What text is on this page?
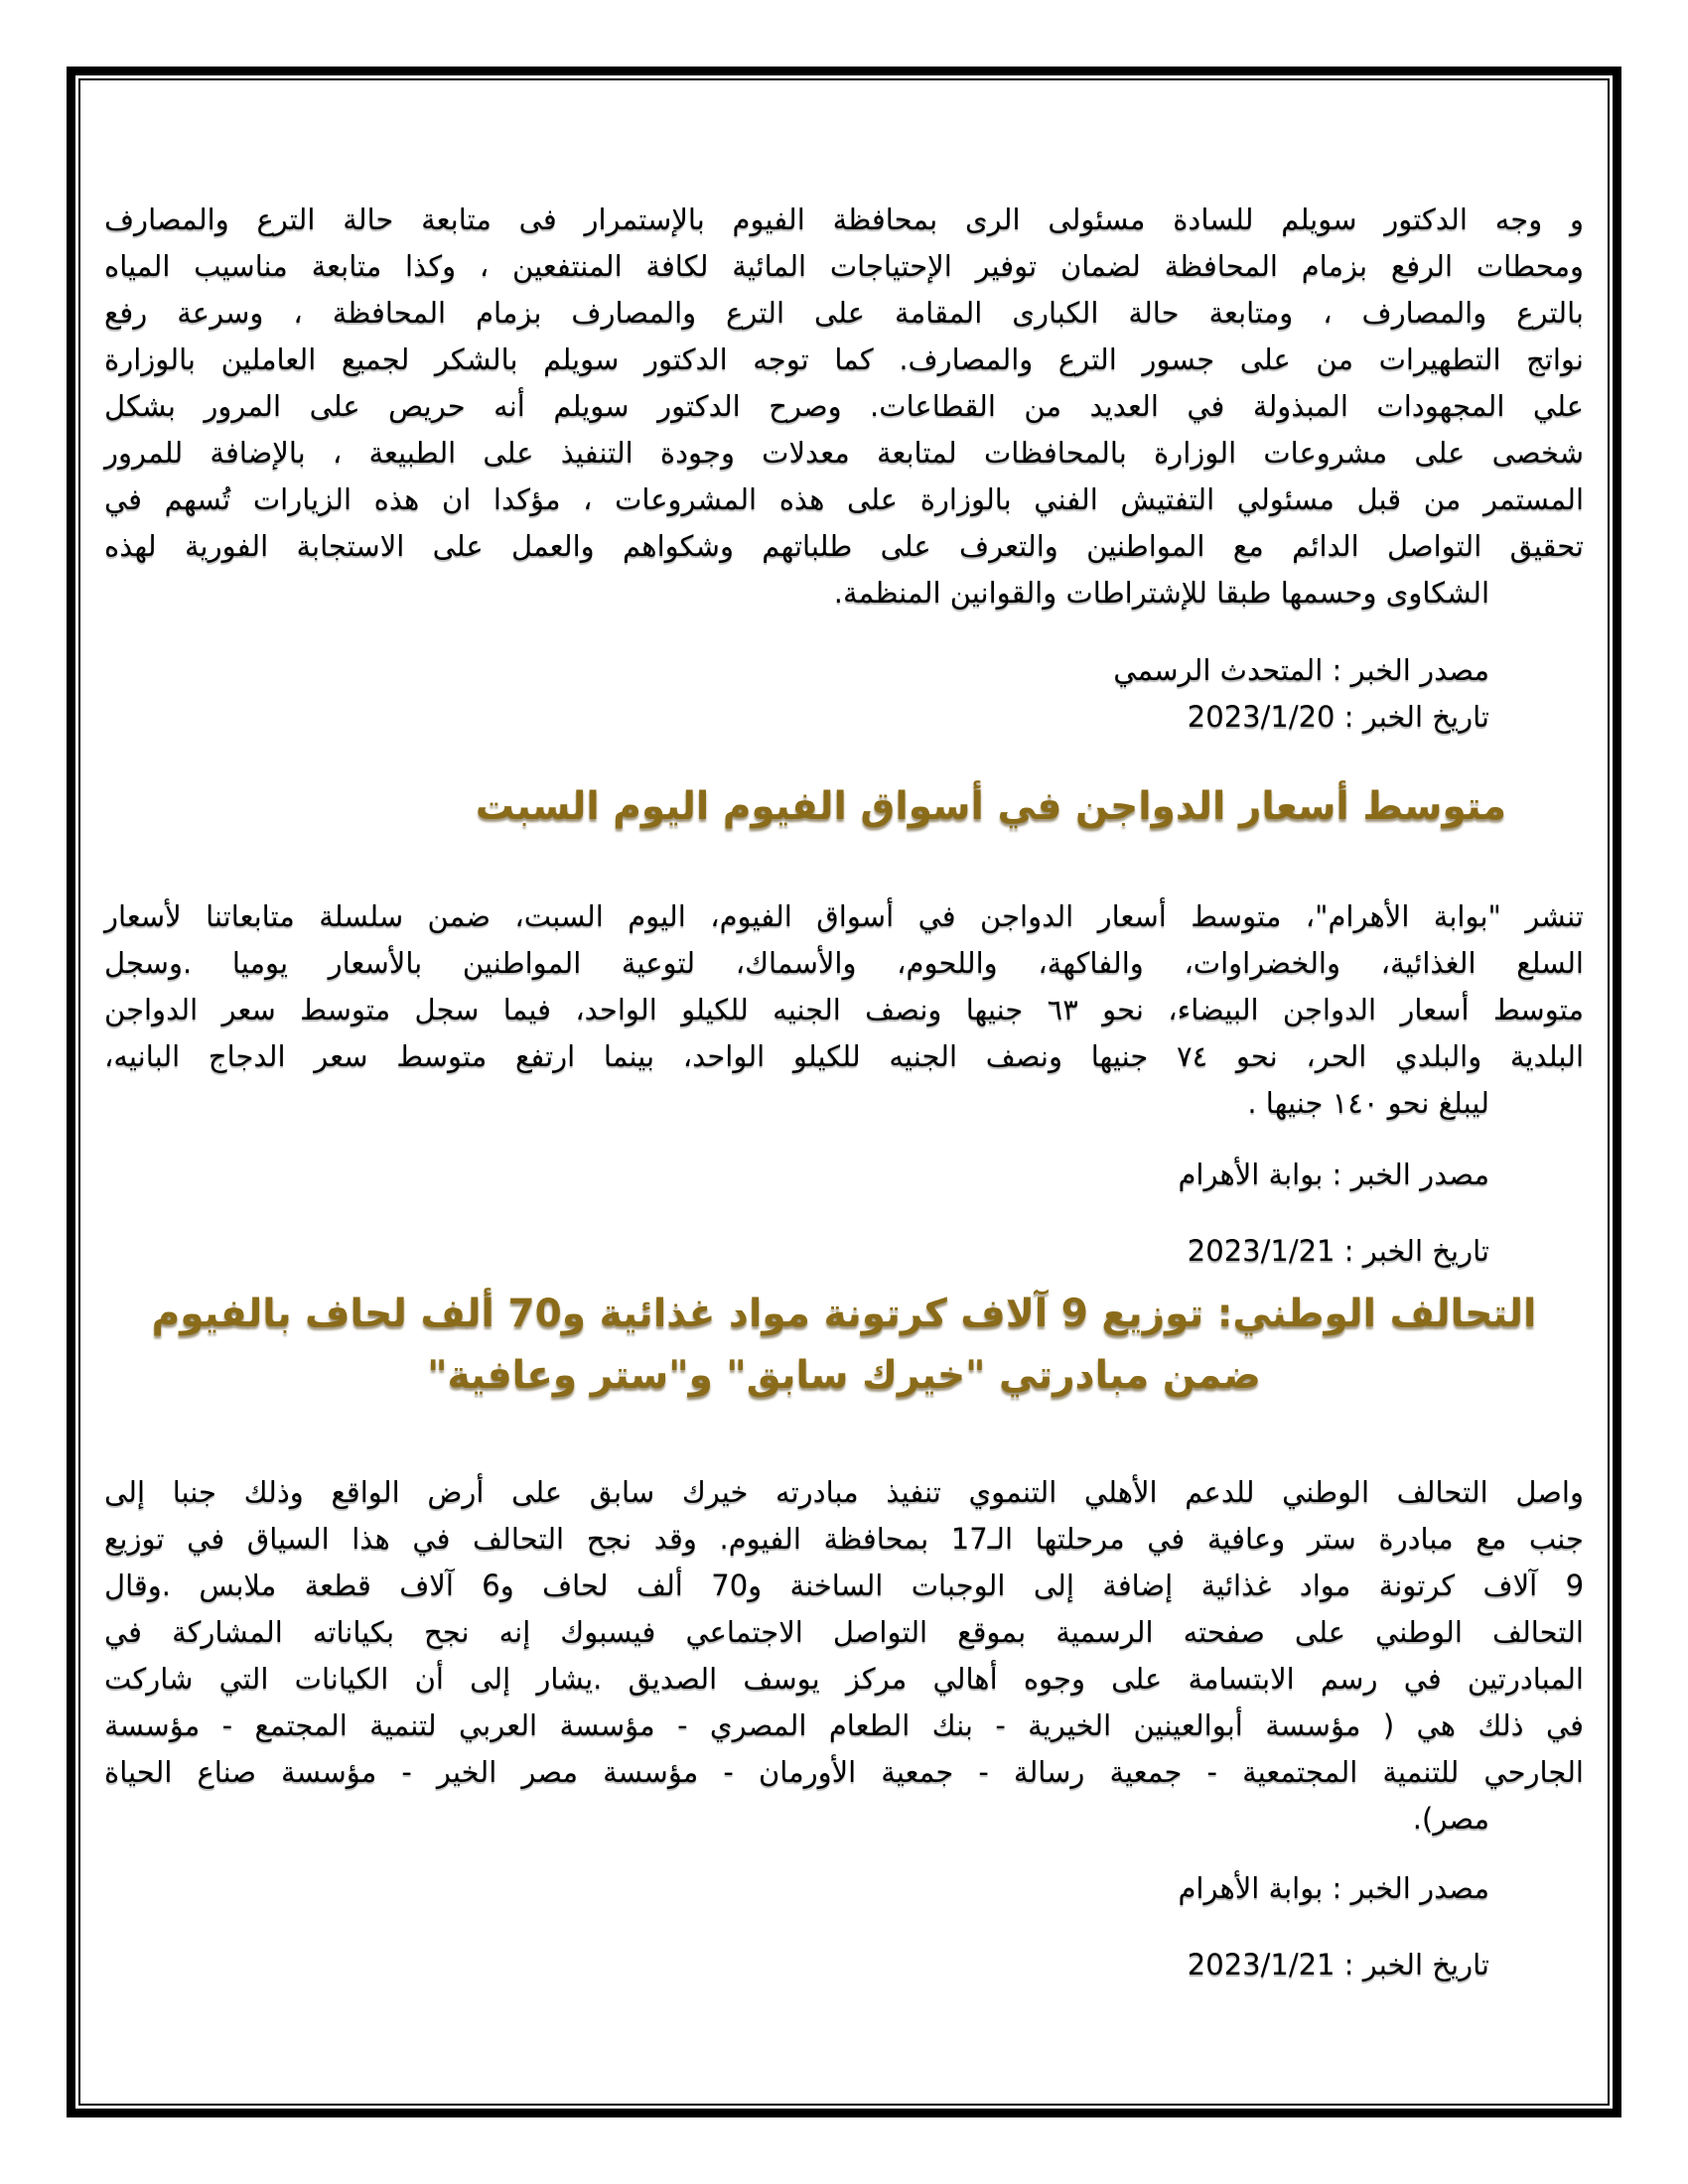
و وجه الدكتور سويلم للسادة مسئولى الرى بمحافظة الفيوم بالإستمرار فى متابعة حالة الترع والمصارف
ومحطات الرفع بزمام المحافظة لضمان توفير الإحتياجات المائية لكافة المنتفعين ، وكذا متابعة مناسيب المياه
بالترع والمصارف ، ومتابعة حالة الكبارى المقامة على الترع والمصارف بزمام المحافظة ، وسرعة رفع
نواتج التطهيرات من على جسور الترع والمصارف. كما توجه الدكتور سويلم بالشكر لجميع العاملين بالوزارة
علي المجهودات المبذولة في العديد من القطاعات. وصرح الدكتور سويلم أنه حريص على المرور بشكل
شخصى على مشروعات الوزارة بالمحافظات لمتابعة معدلات وجودة التنفيذ على الطبيعة ، بالإضافة للمرور
المستمر من قبل مسئولي التفتيش الفني بالوزارة على هذه المشروعات ، مؤكدا ان هذه الزيارات تُسهم في
تحقيق التواصل الدائم مع المواطنين والتعرف على طلباتهم وشكواهم والعمل على الاستجابة الفورية لهذه
الشكاوى وحسمها طبقا للإشتراطات والقوانين المنظمة.
مصدر الخبر : المتحدث الرسمي
تاريخ الخبر : 2023/1/20
متوسط أسعار الدواجن في أسواق الفيوم اليوم السبت
تنشر "بوابة الأهرام"، متوسط أسعار الدواجن في أسواق الفيوم، اليوم السبت، ضمن سلسلة متابعاتنا لأسعار
السلع الغذائية، والخضراوات، والفاكهة، واللحوم، والأسماك، لتوعية المواطنين بالأسعار يوميا .وسجل
متوسط أسعار الدواجن البيضاء، نحو ٦٣ جنيها ونصف الجنيه للكيلو الواحد، فيما سجل متوسط سعر الدواجن
البلدية والبلدي الحر، نحو ٧٤ جنيها ونصف الجنيه للكيلو الواحد، بينما ارتفع متوسط سعر الدجاج البانيه،
ليبلغ نحو ١٤٠ جنيها .
مصدر الخبر : بوابة الأهرام
تاريخ الخبر : 2023/1/21
التحالف الوطني: توزيع 9 آلاف كرتونة مواد غذائية و70 ألف لحاف بالفيوم
ضمن مبادرتي "خيرك سابق" و"ستر وعافية"
واصل التحالف الوطني للدعم الأهلي التنموي تنفيذ مبادرته خيرك سابق على أرض الواقع وذلك جنبا إلى
جنب مع مبادرة ستر وعافية في مرحلتها الـ17 بمحافظة الفيوم. وقد نجح التحالف في هذا السياق في توزيع
9 آلاف كرتونة مواد غذائية إضافة إلى الوجبات الساخنة و70 ألف لحاف و6 آلاف قطعة ملابس .وقال
التحالف الوطني على صفحته الرسمية بموقع التواصل الاجتماعي فيسبوك إنه نجح بكياناته المشاركة في
المبادرتين في رسم الابتسامة على وجوه أهالي مركز يوسف الصديق .يشار إلى أن الكيانات التي شاركت
في ذلك هي ( مؤسسة أبوالعينين الخيرية - بنك الطعام المصري - مؤسسة العربي لتنمية المجتمع - مؤسسة
الجارحي للتنمية المجتمعية - جمعية رسالة - جمعية الأورمان - مؤسسة مصر الخير - مؤسسة صناع الحياة
مصر).
مصدر الخبر : بوابة الأهرام
تاريخ الخبر : 2023/1/21
